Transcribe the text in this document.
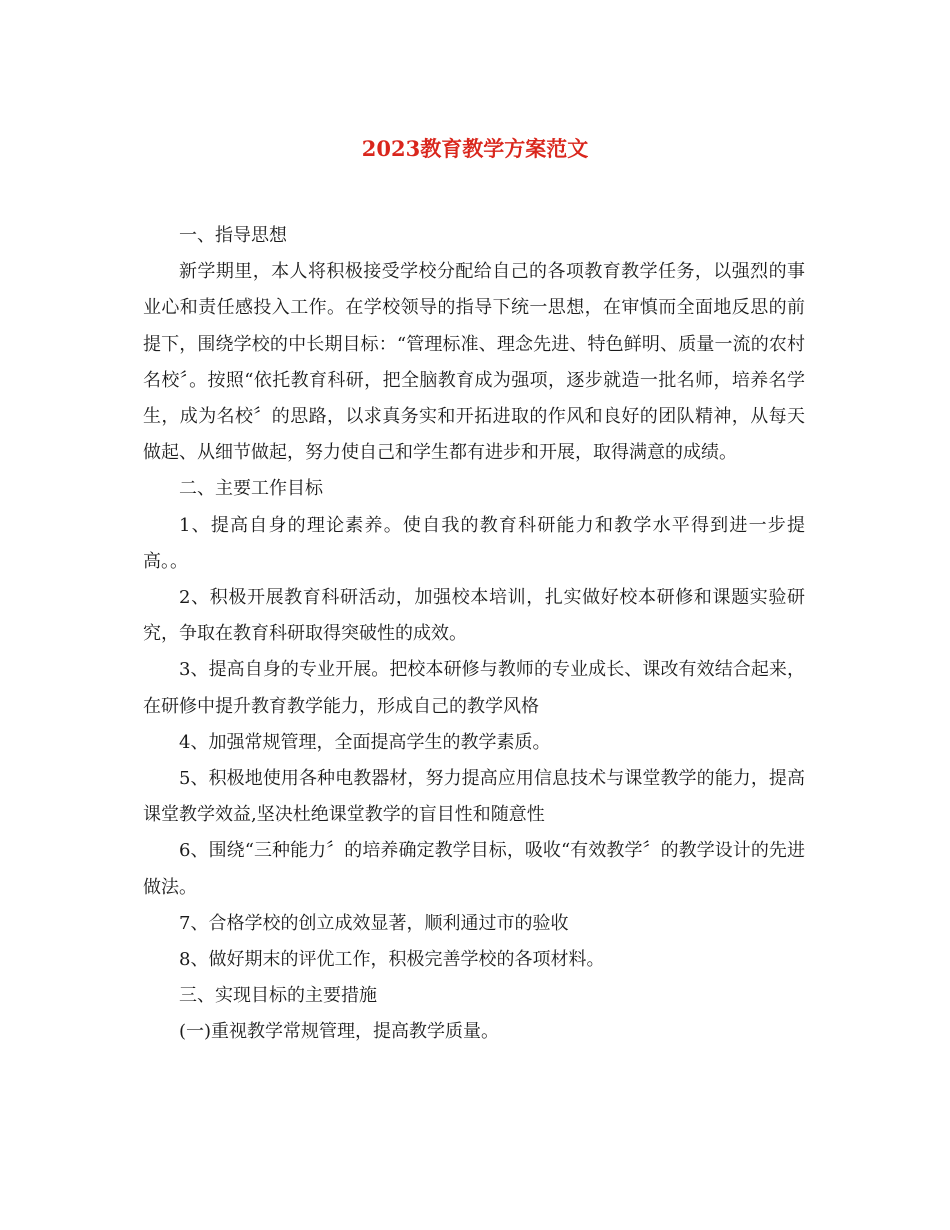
2023教育教学方案范文

一、指导思想

新学期里，本人将积极接受学校分配给自己的各项教育教学任务，以强烈的事业心和责任感投入工作。在学校领导的指导下统一思想，在审慎而全面地反思的前提下，围绕学校的中长期目标：“管理标准、理念先进、特色鲜明、质量一流的农村名校〞。按照“依托教育科研，把全脑教育成为强项，逐步就造一批名师，培养名学生，成为名校〞的思路，以求真务实和开拓进取的作风和良好的团队精神，从每天做起、从细节做起，努力使自己和学生都有进步和开展，取得满意的成绩。

二、主要工作目标

1、提高自身的理论素养。使自我的教育科研能力和教学水平得到进一步提高。。

2、积极开展教育科研活动，加强校本培训，扎实做好校本研修和课题实验研究，争取在教育科研取得突破性的成效。

3、提高自身的专业开展。把校本研修与教师的专业成长、课改有效结合起来，在研修中提升教育教学能力，形成自己的教学风格

4、加强常规管理，全面提高学生的教学素质。

5、积极地使用各种电教器材，努力提高应用信息技术与课堂教学的能力，提高课堂教学效益,坚决杜绝课堂教学的盲目性和随意性

6、围绕“三种能力〞的培养确定教学目标，吸收“有效教学〞的教学设计的先进做法。

7、合格学校的创立成效显著，顺利通过市的验收

8、做好期末的评优工作，积极完善学校的各项材料。

三、实现目标的主要措施

(一)重视教学常规管理，提高教学质量。
